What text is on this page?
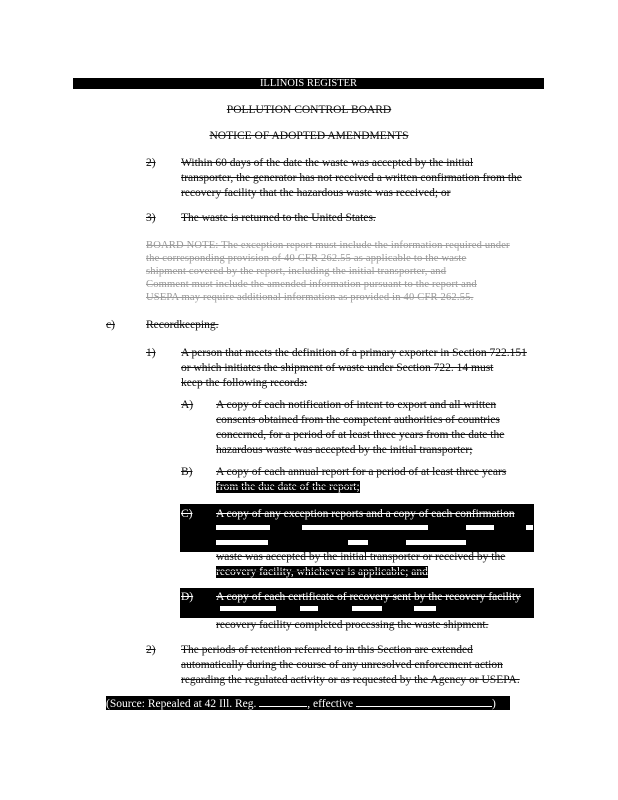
ILLINOIS REGISTER
POLLUTION CONTROL BOARD
NOTICE OF ADOPTED AMENDMENTS
2) Within 60 days of the date the waste was accepted by the initial
transporter, the generator has not received a written confirmation from the
recovery facility that the hazardous waste was received; or
3) The waste is returned to the United States.
BOARD NOTE: The exception report must include the information required under
the corresponding provision of 40 CFR 262.55 as applicable to the waste
shipment covered by the report, including the initial transporter, and
Comment must include the amended information pursuant to the report and
USEPA may require additional information as provided in 40 CFR 262.55.
c)	Recordkeeping.
1) A person that meets the definition of a primary exporter in Section 722.151
or which initiates the shipment of waste under Section 722. 14 must
keep the following records:
A) A copy of each notification of intent to export and all written
consents obtained from the competent authorities of countries
concerned, for a period of at least three years from the date the
hazardous waste was accepted by the initial transporter;
B) A copy of each annual report for a period of at least three years
from the due date of the report;
C) A copy of any exception reports and a copy of each confirmation
waste was accepted by the initial transporter or received by the
recovery facility, whichever is applicable; and
D) A copy of each certificate of recovery sent by the recovery facility
recovery facility completed processing the waste shipment.
2) The periods of retention referred to in this Section are extended
automatically during the course of any unresolved enforcement action
regarding the regulated activity or as requested by the Agency or USEPA.
(Source: Repealed at 42 Ill. Reg.	, effective	)
